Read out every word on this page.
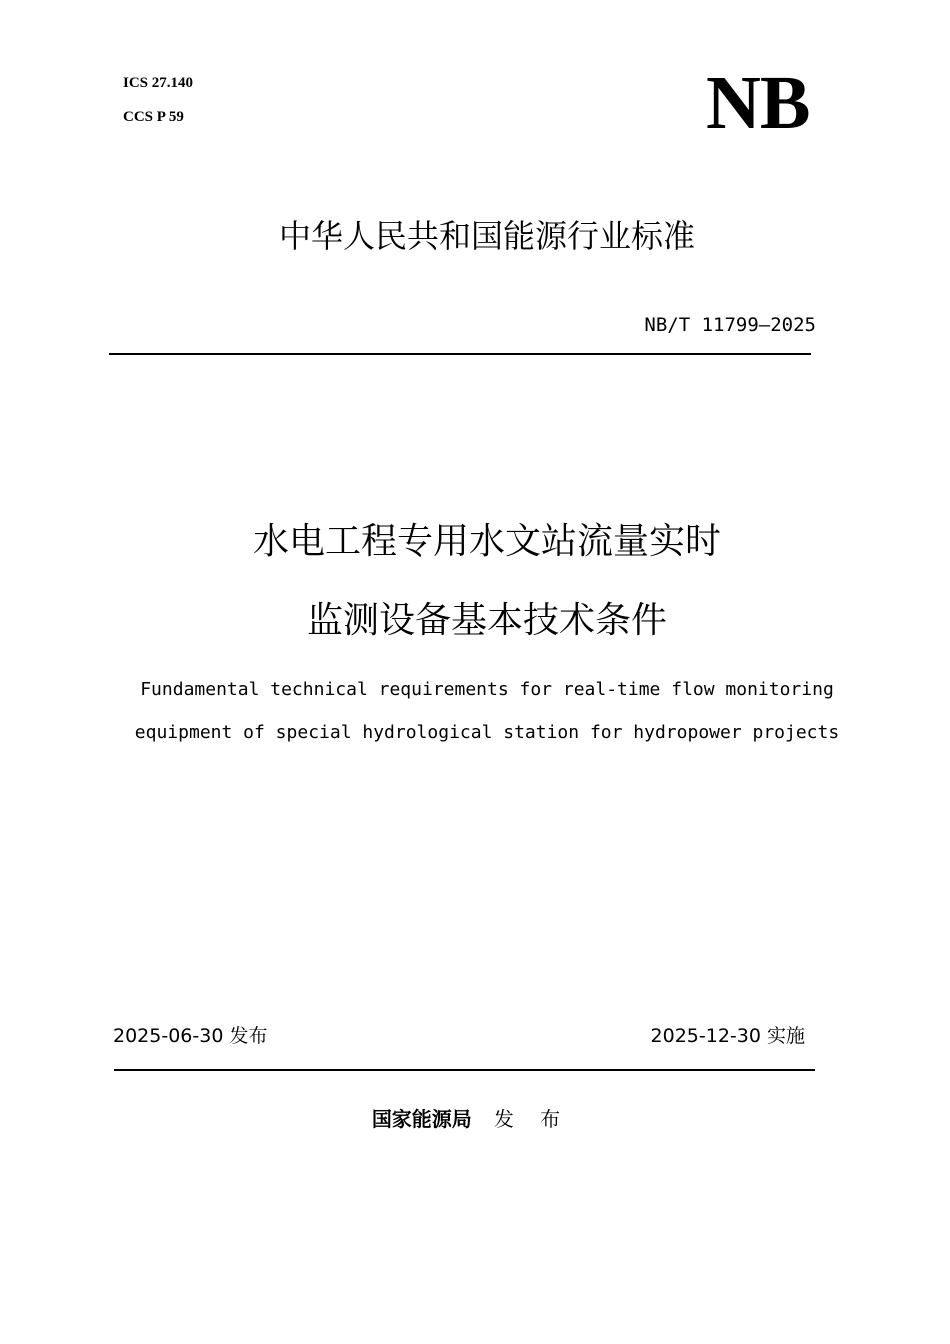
ICS 27.140
CCS P 59	NB
中华人民共和国能源行业标准
NB/T 11799—2025
水电工程专用水文站流量实时
监测设备基本技术条件
Fundamental technical requirements for real-time flow monitoring
equipment of special hydrological station for hydropower projects
2025-06-30 发布	2025-12-30 实施
国家能源局 发 布
